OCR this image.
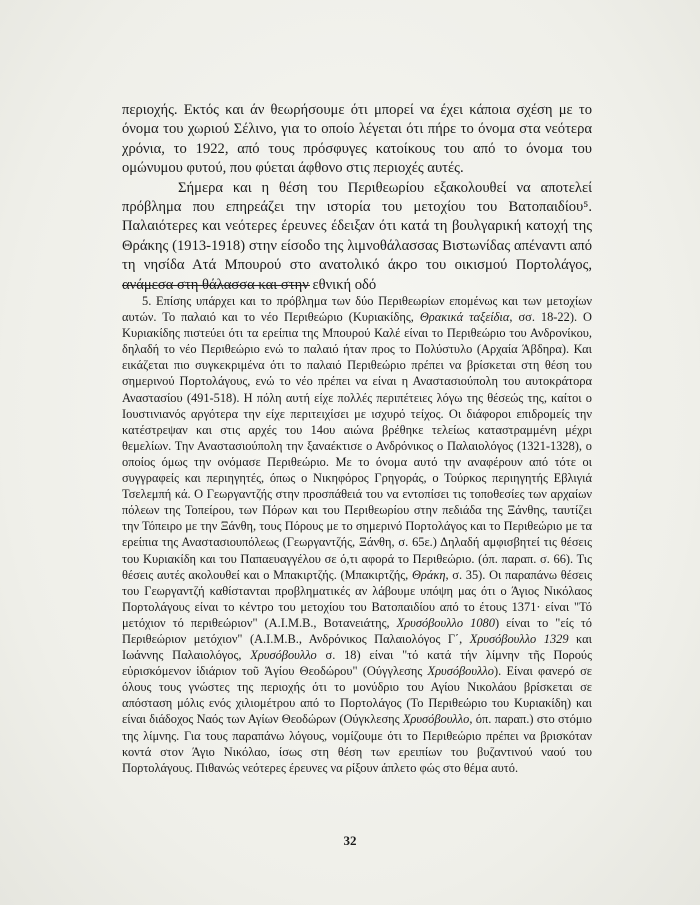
περιοχής. Εκτός και άν θεωρήσουμε ότι μπορεί να έχει κάποια σχέση με το όνομα του χωριού Σέλινο, για το οποίο λέγεται ότι πήρε το όνομα στα νεότερα χρόνια, το 1922, από τους πρόσφυγες κατοίκους του από το όνομα του ομώνυμου φυτού, που φύεται άφθονο στις περιοχές αυτές.

Σήμερα και η θέση του Περιθεωρίου εξακολουθεί να αποτελεί πρόβλημα που επηρεάζει την ιστορία του μετοχίου του Βατοπαιδίου⁵. Παλαιότερες και νεότερες έρευνες έδειξαν ότι κατά τη βουλγαρική κατοχή της Θράκης (1913-1918) στην είσοδο της λιμνοθάλασσας Βιστωνίδας απέναντι από τη νησίδα Ατά Μπουρού στο ανατολικό άκρο του οικισμού Πορτολάγος, ανάμεσα στη θάλασσα και στην εθνική οδό

5. Επίσης υπάρχει και το πρόβλημα των δύο Περιθεωρίων επομένως και των μετοχίων αυτών. Το παλαιό και το νέο Περιθεώριο (Κυριακίδης, Θρακικά ταξείδια, σσ. 18-22). Ο Κυριακίδης πιστεύει ότι τα ερείπια της Μπουρού Καλέ είναι το Περιθεώριο του Ανδρονίκου, δηλαδή το νέο Περιθεώριο ενώ το παλαιό ήταν προς το Πολύστυλο (Αρχαία Άβδηρα). Και εικάζεται πιο συγκεκριμένα ότι το παλαιό Περιθεώριο πρέπει να βρίσκεται στη θέση του σημερινού Πορτολάγους, ενώ το νέο πρέπει να είναι η Αναστασιούπολη του αυτοκράτορα Αναστασίου (491-518). Η πόλη αυτή είχε πολλές περιπέτειες λόγω της θέσεώς της, καίτοι ο Ιουστινιανός αργότερα την είχε περιτειχίσει με ισχυρό τείχος. Οι διάφοροι επιδρομείς την κατέστρεψαν και στις αρχές του 14ου αιώνα βρέθηκε τελείως καταστραμμένη μέχρι θεμελίων. Την Αναστασιούπολη την ξαναέκτισε ο Ανδρόνικος ο Παλαιολόγος (1321-1328), ο οποίος όμως την ονόμασε Περιθεώριο. Με το όνομα αυτό την αναφέρουν από τότε οι συγγραφείς και περιηγητές, όπως ο Νικηφόρος Γρηγοράς, ο Τούρκος περιηγητής Εβλιγιά Τσελεμπή κά. Ο Γεωργαντζής στην προσπάθειά του να εντοπίσει τις τοποθεσίες των αρχαίων πόλεων της Τοπείρου, των Πόρων και του Περιθεωρίου στην πεδιάδα της Ξάνθης, ταυτίζει την Τόπειρο με την Ξάνθη, τους Πόρους με το σημερινό Πορτολάγος και το Περιθεώριο με τα ερείπια της Αναστασιουπόλεως (Γεωργαντζής, Ξάνθη, σ. 65ε.) Δηλαδή αμφισβητεί τις θέσεις του Κυριακίδη και του Παπαευαγγέλου σε ό,τι αφορά το Περιθεώριο. (όπ. παραπ. σ. 66). Τις θέσεις αυτές ακολουθεί και ο Μπακιρτζής. (Μπακιρτζής, Θράκη, σ. 35). Οι παραπάνω θέσεις του Γεωργαντζή καθίστανται προβληματικές αν λάβουμε υπόψη μας ότι ο Άγιος Νικόλαος Πορτολάγους είναι το κέντρο του μετοχίου του Βατοπαιδίου από το έτους 1371· είναι "Τό μετόχιον τό περιθεώριον" (Α.Ι.Μ.Β., Βοτανειάτης, Χρυσόβουλλο 1080) είναι το "είς τό Περιθεώριον μετόχιον" (Α.Ι.Μ.Β., Ανδρόνικος Παλαιολόγος Γ΄, Χρυσόβουλλο 1329 και Ιωάννης Παλαιολόγος, Χρυσόβουλλο σ. 18) είναι "τό κατά τήν λίμνην τῆς Πορούς εὑρισκόμενον ἱδιάριον τοῦ Ἁγίου Θεοδώρου" (Ούγγλεσης Χρυσόβουλλο). Είναι φανερό σε όλους τους γνώστες της περιοχής ότι το μονύδριο του Αγίου Νικολάου βρίσκεται σε απόσταση μόλις ενός χιλιομέτρου από το Πορτολάγος (Το Περιθεώριο του Κυριακίδη) και είναι διάδοχος Ναός των Αγίων Θεοδώρων (Ούγκλεσης Χρυσόβουλλο, όπ. παραπ.) στο στόμιο της λίμνης. Για τους παραπάνω λόγους, νομίζουμε ότι το Περιθεώριο πρέπει να βρισκόταν κοντά στον Άγιο Νικόλαο, ίσως στη θέση των ερειπίων του βυζαντινού ναού του Πορτολάγους. Πιθανώς νεότερες έρευνες να ρίξουν άπλετο φώς στο θέμα αυτό.

32
